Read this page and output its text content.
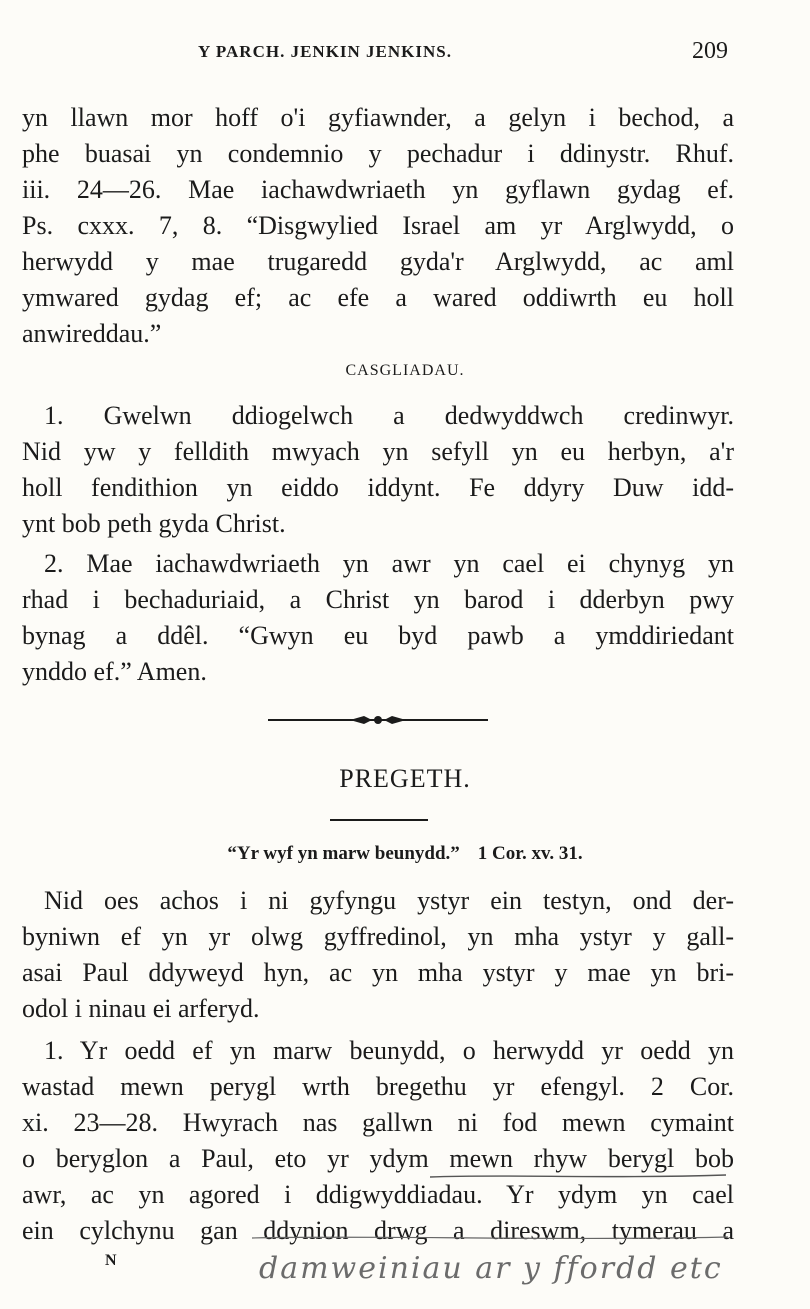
Y PARCH. JENKIN JENKINS.	209
yn llawn mor hoff o'i gyfiawnder, a gelyn i bechod, a
phe buasai yn condemnio y pechadur i ddinystr. Rhuf.
iii. 24—26. Mae iachawdwriaeth yn gyflawn gydag ef.
Ps. cxxx. 7, 8. “Disgwylied Israel am yr Arglwydd, o
herwydd y mae trugaredd gyda'r Arglwydd, ac aml
ymwared gydag ef; ac efe a wared oddiwrth eu holl
anwireddau.”
CASGLIADAU.
1. Gwelwn ddiogelwch a dedwyddwch credinwyr.
Nid yw y felldith mwyach yn sefyll yn eu herbyn, a'r
holl fendithion yn eiddo iddynt. Fe ddyry Duw idd-
ynt bob peth gyda Christ.
2. Mae iachawdwriaeth yn awr yn cael ei chynyg yn
rhad i bechaduriaid, a Christ yn barod i dderbyn pwy
bynag a ddêl. “Gwyn eu byd pawb a ymddiriedant
ynddo ef.” Amen.
PREGETH.
“Yr wyf yn marw beunydd.” 1 Cor. xv. 31.
Nid oes achos i ni gyfyngu ystyr ein testyn, ond der-
byniwn ef yn yr olwg gyffredinol, yn mha ystyr y gall-
asai Paul ddyweyd hyn, ac yn mha ystyr y mae yn bri-
odol i ninau ei arferyd.
1. Yr oedd ef yn marw beunydd, o herwydd yr oedd yn
wastad mewn perygl wrth bregethu yr efengyl. 2 Cor.
xi. 23—28. Hwyrach nas gallwn ni fod mewn cymaint
o beryglon a Paul, eto yr ydym mewn rhyw berygl bob
awr, ac yn agored i ddigwyddiadau. Yr ydym yn cael
ein cylchynu gan ddynion drwg a direswm, tymerau a
N	damweiniau ar y ffordd etc
